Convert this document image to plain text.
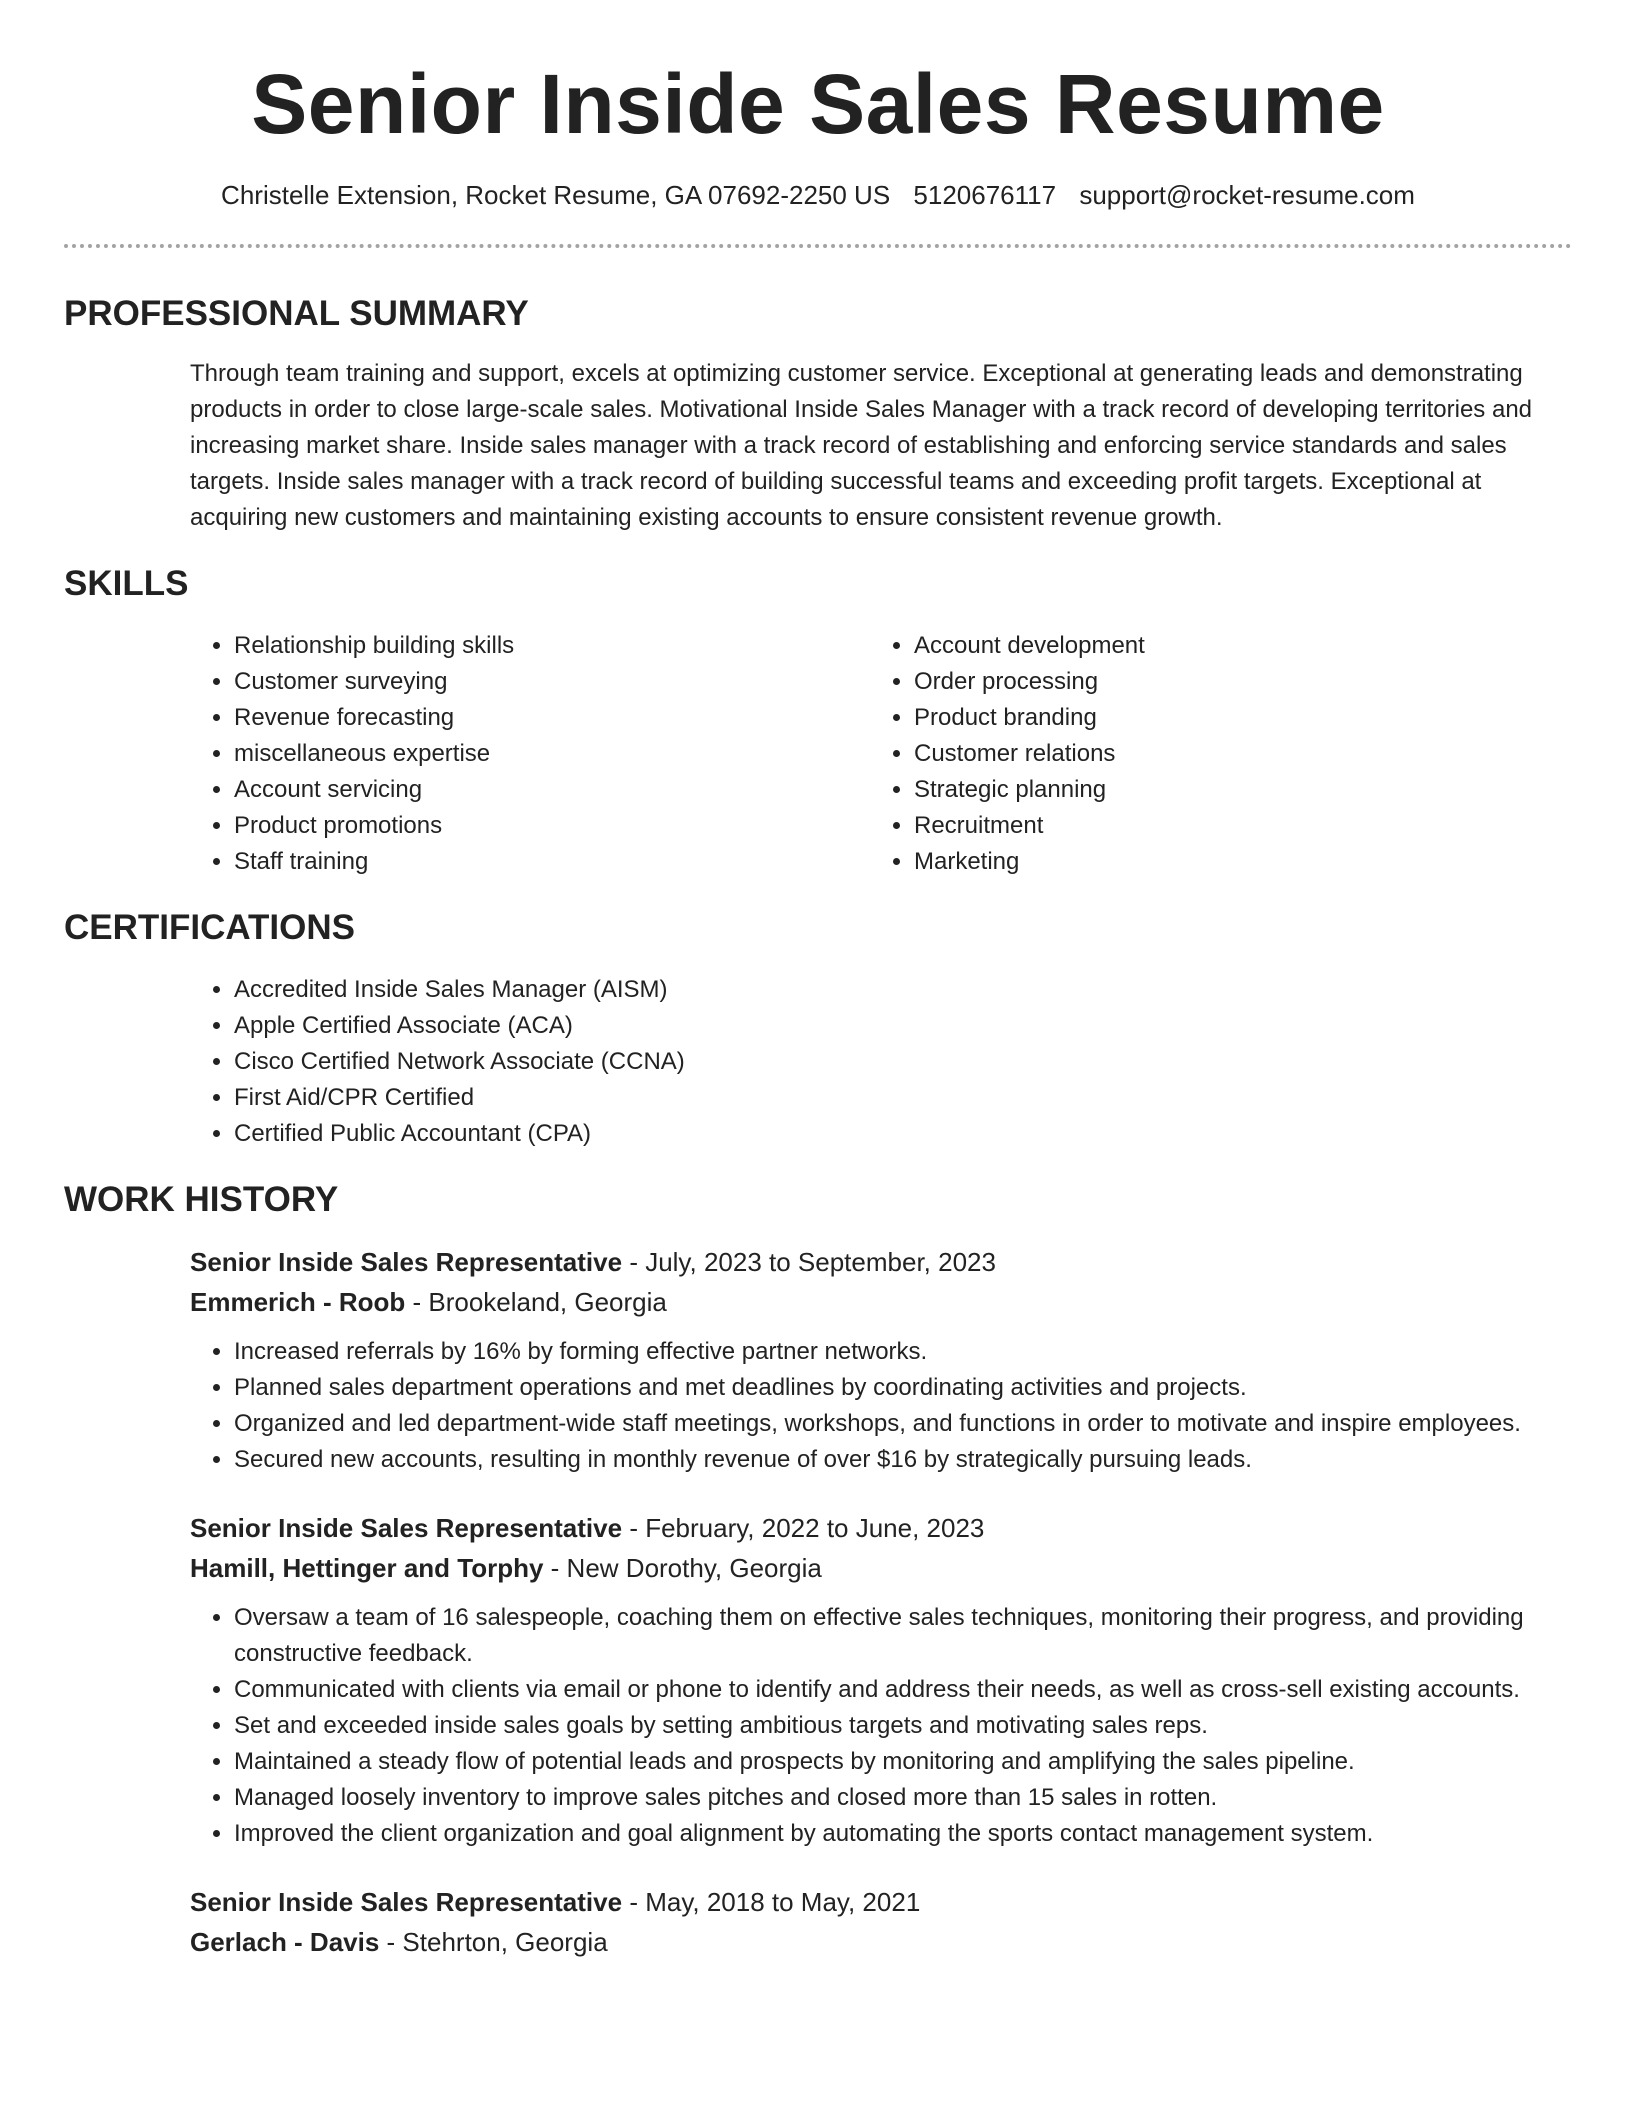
Senior Inside Sales Resume
Christelle Extension, Rocket Resume, GA 07692-2250 US 5120676117 support@rocket-resume.com
PROFESSIONAL SUMMARY

Through team training and support, excels at optimizing customer service. Exceptional at generating leads and demonstrating products in order to close large-scale sales. Motivational Inside Sales Manager with a track record of developing territories and increasing market share. Inside sales manager with a track record of establishing and enforcing service standards and sales targets. Inside sales manager with a track record of building successful teams and exceeding profit targets. Exceptional at acquiring new customers and maintaining existing accounts to ensure consistent revenue growth.

SKILLS
• Relationship building skills
• Customer surveying
• Revenue forecasting
• miscellaneous expertise
• Account servicing
• Product promotions
• Staff training
• Account development
• Order processing
• Product branding
• Customer relations
• Strategic planning
• Recruitment
• Marketing
CERTIFICATIONS
• Accredited Inside Sales Manager (AISM)
• Apple Certified Associate (ACA)
• Cisco Certified Network Associate (CCNA)
• First Aid/CPR Certified
• Certified Public Accountant (CPA)
WORK HISTORY
Senior Inside Sales Representative - July, 2023 to September, 2023
Emmerich - Roob - Brookeland, Georgia
• Increased referrals by 16% by forming effective partner networks.
• Planned sales department operations and met deadlines by coordinating activities and projects.
• Organized and led department-wide staff meetings, workshops, and functions in order to motivate and inspire employees.
• Secured new accounts, resulting in monthly revenue of over $16 by strategically pursuing leads.
Senior Inside Sales Representative - February, 2022 to June, 2023
Hamill, Hettinger and Torphy - New Dorothy, Georgia
• Oversaw a team of 16 salespeople, coaching them on effective sales techniques, monitoring their progress, and providing constructive feedback.
• Communicated with clients via email or phone to identify and address their needs, as well as cross-sell existing accounts.
• Set and exceeded inside sales goals by setting ambitious targets and motivating sales reps.
• Maintained a steady flow of potential leads and prospects by monitoring and amplifying the sales pipeline.
• Managed loosely inventory to improve sales pitches and closed more than 15 sales in rotten.
• Improved the client organization and goal alignment by automating the sports contact management system.
Senior Inside Sales Representative - May, 2018 to May, 2021
Gerlach - Davis - Stehrton, Georgia
